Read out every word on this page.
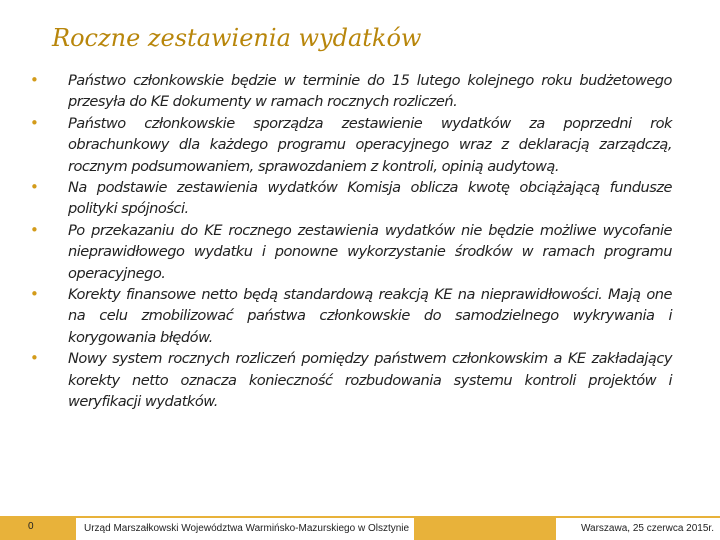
Roczne zestawienia wydatków
• Państwo członkowskie będzie w terminie do 15 lutego kolejnego roku budżetowego przesyła do KE dokumenty w ramach rocznych rozliczeń.
• Państwo członkowskie sporządza zestawienie wydatków za poprzedni rok obrachunkowy dla każdego programu operacyjnego wraz z deklaracją zarządczą, rocznym podsumowaniem, sprawozdaniem z kontroli, opinią audytową.
• Na podstawie zestawienia wydatków Komisja oblicza kwotę obciążającą fundusze polityki spójności.
• Po przekazaniu do KE rocznego zestawienia wydatków nie będzie możliwe wycofanie nieprawidłowego wydatku i ponowne wykorzystanie środków w ramach programu operacyjnego.
• Korekty finansowe netto będą standardową reakcją KE na nieprawidłowości. Mają one na celu zmobilizować państwa członkowskie do samodzielnego wykrywania i korygowania błędów.
• Nowy system rocznych rozliczeń pomiędzy państwem członkowskim a KE zakładający korekty netto oznacza konieczność rozbudowania systemu kontroli projektów i weryfikacji wydatków.
0	Urząd Marszałkowski Województwa Warmińsko-Mazurskiego w Olsztynie	Warszawa, 25 czerwca 2015r.
